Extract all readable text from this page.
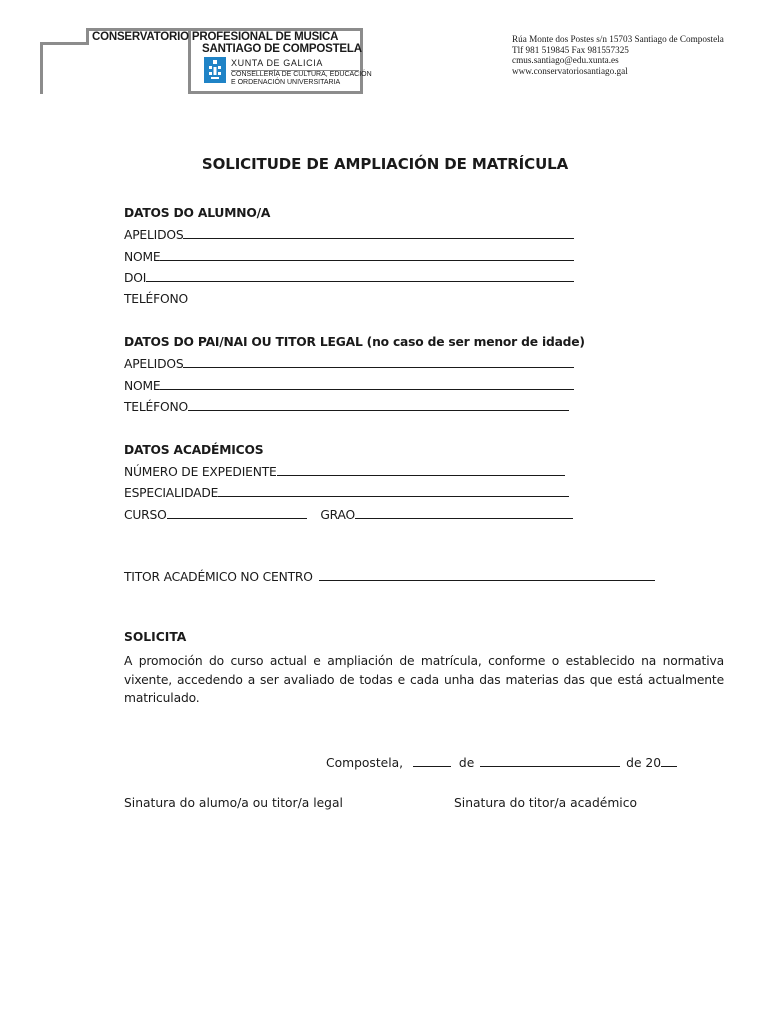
CONSERVATORIO PROFESIONAL DE MUSICA
SANTIAGO DE COMPOSTELA
XUNTA DE GALICIA
CONSELLERÍA DE CULTURA, EDUCACIÓN
E ORDENACIÓN UNIVERSITARIA
Rúa Monte dos Postes s/n 15703 Santiago de Compostela
Tlf 981 519845 Fax 981557325
cmus.santiago@edu.xunta.es
www.conservatoriosantiago.gal
SOLICITUDE DE AMPLIACIÓN DE MATRÍCULA
DATOS DO ALUMNO/A
APELIDOS
NOME
DOI
TELÉFONO
DATOS DO PAI/NAI OU TITOR LEGAL (no caso de ser menor de idade)
APELIDOS
NOME
TELÉFONO
DATOS ACADÉMICOS
NÚMERO DE EXPEDIENTE
ESPECIALIDADE
CURSO	GRAO
TITOR ACADÉMICO NO CENTRO
SOLICITA
A promoción do curso actual e ampliación de matrícula, conforme o establecido na normativa vixente, accedendo a ser avaliado de todas e cada unha das materias das que está actualmente matriculado.
Compostela,	de	de 20
Sinatura do alumo/a ou titor/a legal	Sinatura do titor/a académico
